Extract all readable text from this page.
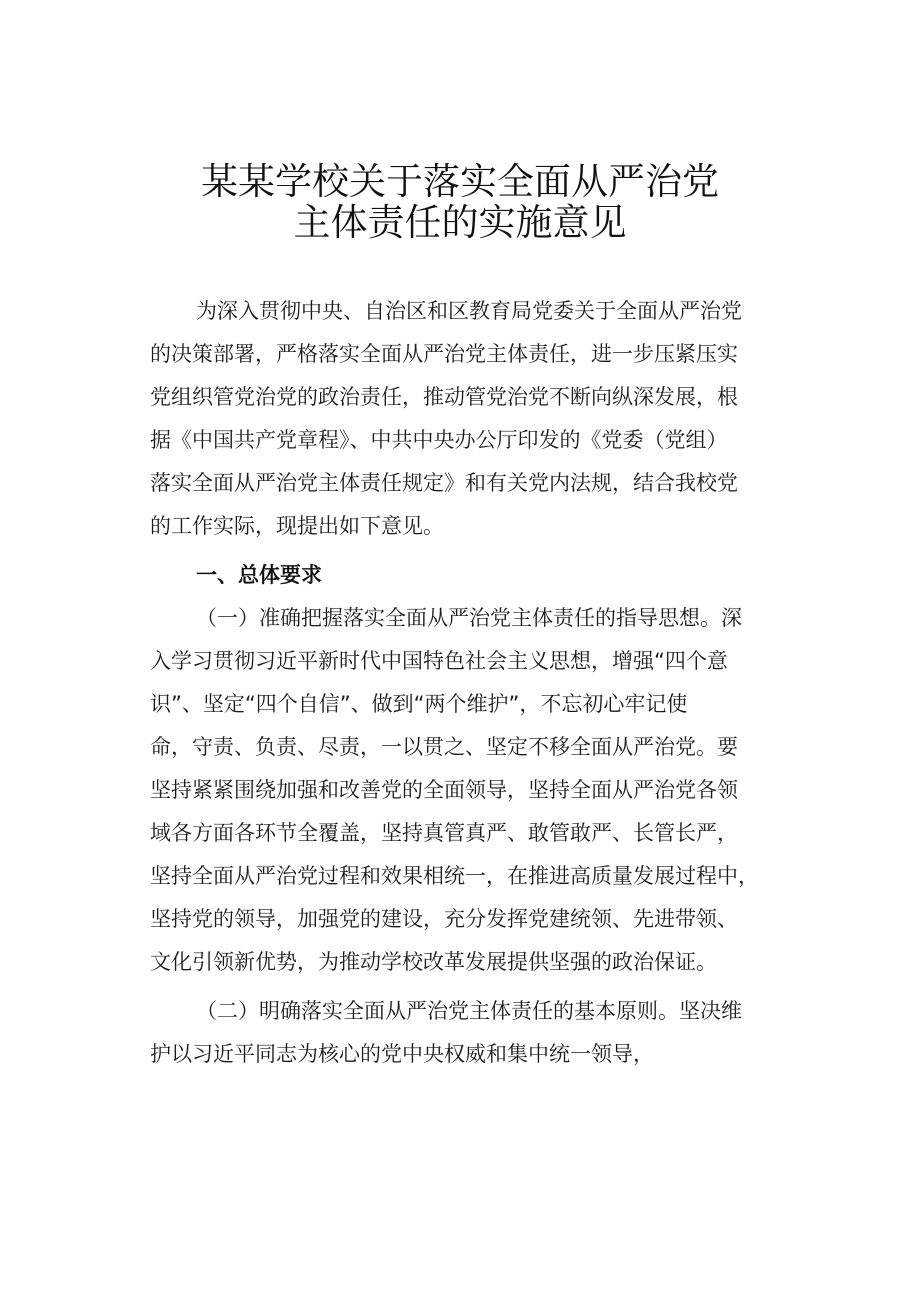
某某学校关于落实全面从严治党
主体责任的实施意见
为深入贯彻中央、自治区和区教育局党委关于全面从严治党
的决策部署，严格落实全面从严治党主体责任，进一步压紧压实
党组织管党治党的政治责任，推动管党治党不断向纵深发展，根
据《中国共产党章程》、中共中央办公厅印发的《党委（党组）
落实全面从严治党主体责任规定》和有关党内法规，结合我校党
的工作实际，现提出如下意见。
一、总体要求
（一）准确把握落实全面从严治党主体责任的指导思想。深
入学习贯彻习近平新时代中国特色社会主义思想，增强“四个意
识”、坚定“四个自信”、做到“两个维护”，不忘初心牢记使
命，守责、负责、尽责，一以贯之、坚定不移全面从严治党。要
坚持紧紧围绕加强和改善党的全面领导，坚持全面从严治党各领
域各方面各环节全覆盖，坚持真管真严、敢管敢严、长管长严，
坚持全面从严治党过程和效果相统一，在推进高质量发展过程中，
坚持党的领导，加强党的建设，充分发挥党建统领、先进带领、
文化引领新优势，为推动学校改革发展提供坚强的政治保证。
（二）明确落实全面从严治党主体责任的基本原则。坚决维
护以习近平同志为核心的党中央权威和集中统一领导，
